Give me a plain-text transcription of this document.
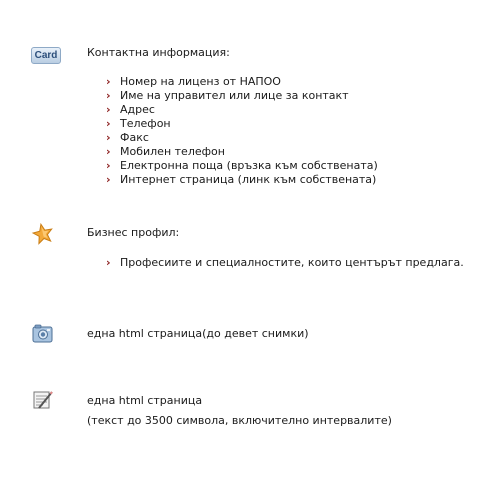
Card	Контактна информация:
› Номер на лиценз от НАПОО
› Име на управител или лице за контакт
› Адрес
› Телефон
› Факс
› Мобилен телефон
› Електронна поща (връзка към собствената)
› Интернет страница (линк към собствената)
Бизнес профил:
› Професиите и специалностите, които центърът предлага.
една html страница(до девет снимки)
една html страница
(текст до 3500 символа, включително интервалите)
